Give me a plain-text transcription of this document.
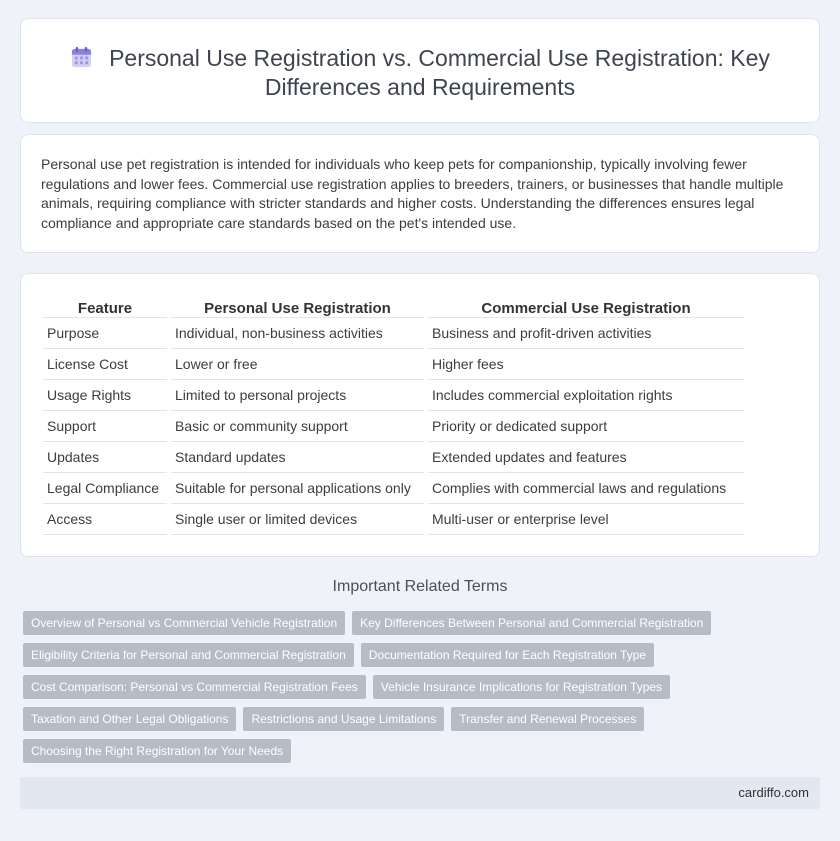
Personal Use Registration vs. Commercial Use Registration: Key Differences and Requirements

Personal use pet registration is intended for individuals who keep pets for companionship, typically involving fewer regulations and lower fees. Commercial use registration applies to breeders, trainers, or businesses that handle multiple animals, requiring compliance with stricter standards and higher costs. Understanding the differences ensures legal compliance and appropriate care standards based on the pet's intended use.

Feature	Personal Use Registration	Commercial Use Registration
Purpose	Individual, non-business activities	Business and profit-driven activities
License Cost	Lower or free	Higher fees
Usage Rights	Limited to personal projects	Includes commercial exploitation rights
Support	Basic or community support	Priority or dedicated support
Updates	Standard updates	Extended updates and features
Legal Compliance	Suitable for personal applications only	Complies with commercial laws and regulations
Access	Single user or limited devices	Multi-user or enterprise level
Important Related Terms
Overview of Personal vs Commercial Vehicle Registration	Key Differences Between Personal and Commercial Registration
Eligibility Criteria for Personal and Commercial Registration	Documentation Required for Each Registration Type
Cost Comparison: Personal vs Commercial Registration Fees	Vehicle Insurance Implications for Registration Types
Taxation and Other Legal Obligations	Restrictions and Usage Limitations	Transfer and Renewal Processes
Choosing the Right Registration for Your Needs
cardiffo.com
